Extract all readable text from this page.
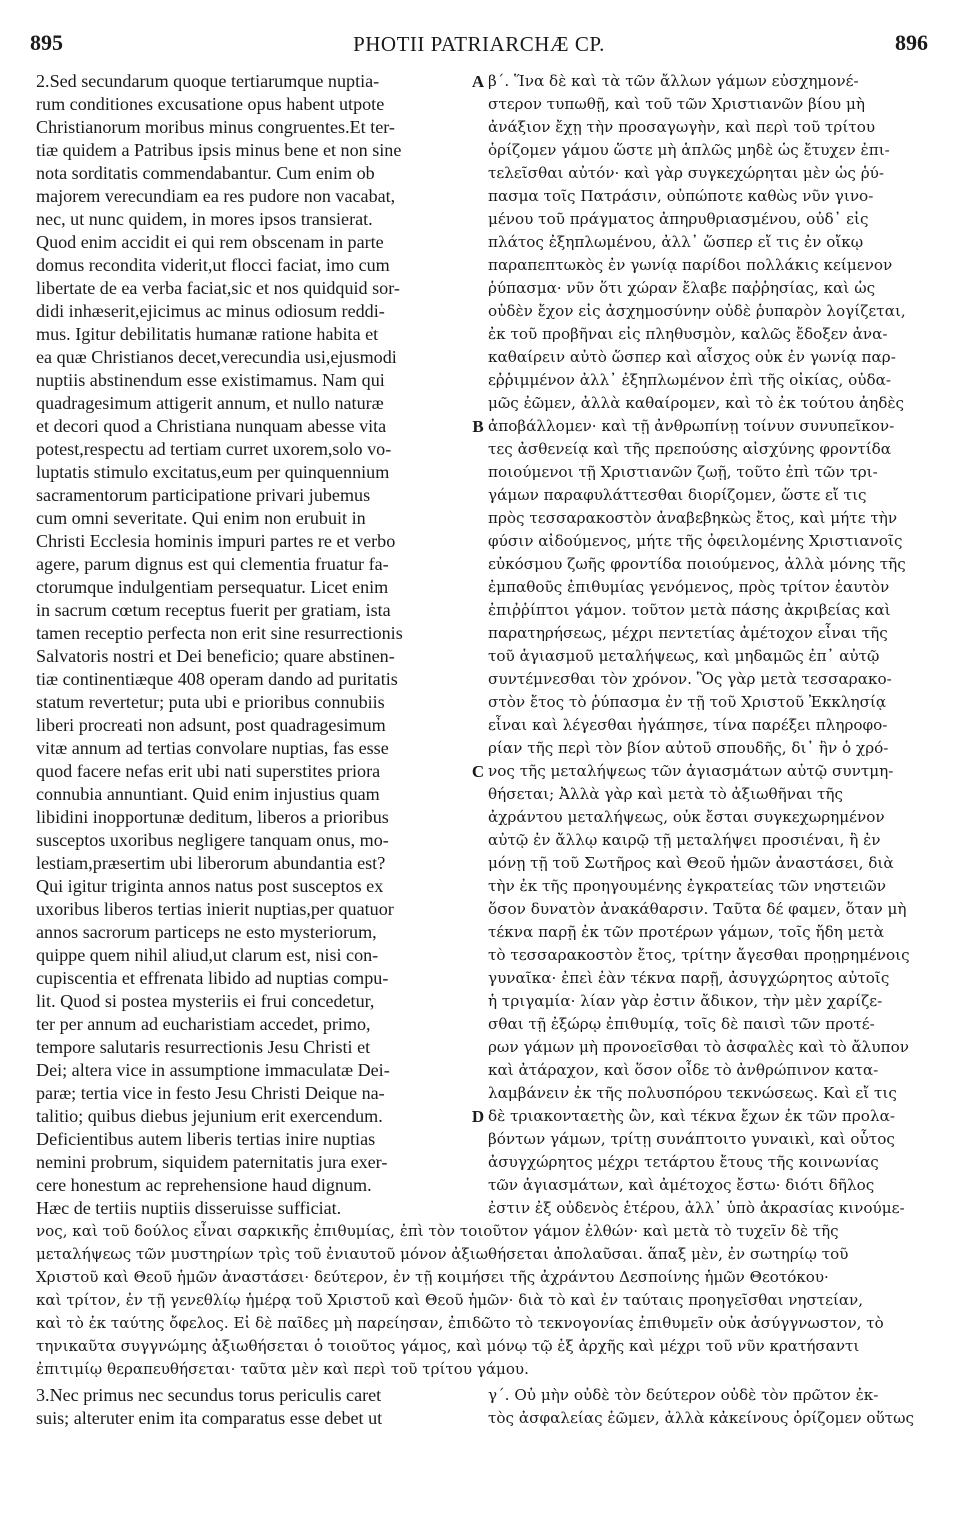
895	PHOTII PATRIARCHÆ CP.	896
2.Sed secundarum quoque tertiarumque nuptia-
rum conditiones excusatione opus habent utpote
Christianorum moribus minus congruentes.Et ter-
tiæ quidem a Patribus ipsis minus bene et non sine
nota sorditatis commendabantur. Cum enim ob
majorem verecundiam ea res pudore non vacabat,
nec, ut nunc quidem, in mores ipsos transierat.
Quod enim accidit ei qui rem obscenam in parte
domus recondita viderit,ut flocci faciat, imo cum
libertate de ea verba faciat,sic et nos quidquid sor-
didi inhæserit,ejicimus ac minus odiosum reddi-
mus. Igitur debilitatis humanæ ratione habita et
ea quæ Christianos decet,verecundia usi,ejusmodi
nuptiis abstinendum esse existimamus. Nam qui
quadragesimum attigerit annum, et nullo naturæ
et decori quod a Christiana nunquam abesse vita
potest,respectu ad tertiam curret uxorem,solo vo-
luptatis stimulo excitatus,eum per quinquennium
sacramentorum participatione privari jubemus
cum omni severitate. Qui enim non erubuit in
Christi Ecclesia hominis impuri partes re et verbo
agere, parum dignus est qui clementia fruatur fa-
ctorumque indulgentiam persequatur. Licet enim
in sacrum cœtum receptus fuerit per gratiam, ista
tamen receptio perfecta non erit sine resurrectionis
Salvatoris nostri et Dei beneficio; quare abstinen-
tiæ continentiæque 408 operam dando ad puritatis
statum revertetur; puta ubi e prioribus connubiis
liberi procreati non adsunt, post quadragesimum
vitæ annum ad tertias convolare nuptias, fas esse
quod facere nefas erit ubi nati superstites priora
connubia annuntiant. Quid enim injustius quam
libidini inopportunæ deditum, liberos a prioribus
susceptos uxoribus negligere tanquam onus, mo-
lestiam,præsertim ubi liberorum abundantia est?
Qui igitur triginta annos natus post susceptos ex
uxoribus liberos tertias inierit nuptias,per quatuor
annos sacrorum particeps ne esto mysteriorum,
quippe quem nihil aliud,ut clarum est, nisi con-
cupiscentia et effrenata libido ad nuptias compu-
lit. Quod si postea mysteriis ei frui concedetur,
ter per annum ad eucharistiam accedet, primo,
tempore salutaris resurrectionis Jesu Christi et
Dei; altera vice in assumptione immaculatæ Dei-
paræ; tertia vice in festo Jesu Christi Deique na-
talitio; quibus diebus jejunium erit exercendum.
Deficientibus autem liberis tertias inire nuptias
nemini probrum, siquidem paternitatis jura exer-
cere honestum ac reprehensione haud dignum.
Hæc de tertiis nuptiis disseruisse sufficiat.
β΄. Ἵνα δὲ καὶ τὰ τῶν ἄλλων γάμων εὐσχημονέ-
στερον τυπωθῇ, καὶ τοῦ τῶν Χριστιανῶν βίου μὴ
ἀνάξιον ἔχῃ τὴν προσαγωγὴν, καὶ περὶ τοῦ τρίτου
ὁρίζομεν γάμου ὥστε μὴ ἁπλῶς μηδὲ ὡς ἔτυχεν ἐπι-
τελεῖσθαι αὐτόν· καὶ γὰρ συγκεχώρηται μὲν ὡς ῥύ-
πασμα τοῖς Πατράσιν, οὐπώποτε καθὼς νῦν γινο-
μένου τοῦ πράγματος ἀπηρυθριασμένου, οὐδ᾽ εἰς
πλάτος ἐξηπλωμένου, ἀλλ᾽ ὥσπερ εἴ τις ἐν οἴκῳ
παραπεπτωκὸς ἐν γωνίᾳ παρίδοι πολλάκις κείμενον
ῥύπασμα· νῦν ὅτι χώραν ἔλαβε παῤῥησίας, καὶ ὡς
οὐδὲν ἔχον εἰς ἀσχημοσύνην οὐδὲ ῥυπαρὸν λογίζεται,
ἐκ τοῦ προβῆναι εἰς πληθυσμὸν, καλῶς ἔδοξεν ἀνα-
καθαίρειν αὐτὸ ὥσπερ καὶ αἶσχος οὐκ ἐν γωνίᾳ παρ-
εῤῥιμμένον ἀλλ᾽ ἐξηπλωμένον ἐπὶ τῆς οἰκίας, οὐδα-
μῶς ἐῶμεν, ἀλλὰ καθαίρομεν, καὶ τὸ ἐκ τούτου ἀηδὲς
ἀποβάλλομεν· καὶ τῇ ἀνθρωπίνῃ τοίνυν συνυπεῖκον-
τες ἀσθενείᾳ καὶ τῆς πρεπούσης αἰσχύνης φροντίδα
ποιούμενοι τῇ Χριστιανῶν ζωῇ, τοῦτο ἐπὶ τῶν τρι-
γάμων παραφυλάττεσθαι διορίζομεν, ὥστε εἴ τις
πρὸς τεσσαρακοστὸν ἀναβεβηκὼς ἔτος, καὶ μήτε τὴν
φύσιν αἰδούμενος, μήτε τῆς ὀφειλομένης Χριστιανοῖς
εὐκόσμου ζωῆς φροντίδα ποιούμενος, ἀλλὰ μόνης τῆς
ἐμπαθοῦς ἐπιθυμίας γενόμενος, πρὸς τρίτον ἑαυτὸν
ἐπιῤῥίπτοι γάμον. τοῦτον μετὰ πάσης ἀκριβείας καὶ
παρατηρήσεως, μέχρι πεντετίας ἀμέτοχον εἶναι τῆς
τοῦ ἁγιασμοῦ μεταλήψεως, καὶ μηδαμῶς ἐπ᾽ αὐτῷ
συντέμνεσθαι τὸν χρόνον. Ὃς γὰρ μετὰ τεσσαρακο-
στὸν ἔτος τὸ ῥύπασμα ἐν τῇ τοῦ Χριστοῦ Ἐκκλησίᾳ
εἶναι καὶ λέγεσθαι ἠγάπησε, τίνα παρέξει πληροφο-
ρίαν τῆς περὶ τὸν βίον αὐτοῦ σπουδῆς, δι᾽ ἣν ὁ χρό-
νος τῆς μεταλήψεως τῶν ἁγιασμάτων αὐτῷ συντμη-
θήσεται; Ἀλλὰ γὰρ καὶ μετὰ τὸ ἀξιωθῆναι τῆς
ἀχράντου μεταλήψεως, οὐκ ἔσται συγκεχωρημένον
αὐτῷ ἐν ἄλλῳ καιρῷ τῇ μεταλήψει προσιέναι, ἢ ἐν
μόνῃ τῇ τοῦ Σωτῆρος καὶ Θεοῦ ἡμῶν ἀναστάσει, διὰ
τὴν ἐκ τῆς προηγουμένης ἐγκρατείας τῶν νηστειῶν
ὅσον δυνατὸν ἀνακάθαρσιν. Ταῦτα δέ φαμεν, ὅταν μὴ
τέκνα παρῇ ἐκ τῶν προτέρων γάμων, τοῖς ἤδη μετὰ
τὸ τεσσαρακοστὸν ἔτος, τρίτην ἄγεσθαι προῃρημένοις
γυναῖκα· ἐπεὶ ἐὰν τέκνα παρῇ, ἀσυγχώρητος αὐτοῖς
ἡ τριγαμία· λίαν γὰρ ἐστιν ἄδικον, τὴν μὲν χαρίζε-
σθαι τῇ ἐξώρῳ ἐπιθυμίᾳ, τοῖς δὲ παισὶ τῶν προτέ-
ρων γάμων μὴ προνοεῖσθαι τὸ ἀσφαλὲς καὶ τὸ ἄλυπον
καὶ ἀτάραχον, καὶ ὅσον οἶδε τὸ ἀνθρώπινον κατα-
λαμβάνειν ἐκ τῆς πολυσπόρου τεκνώσεως. Καὶ εἴ τις
δὲ τριακονταετὴς ὢν, καὶ τέκνα ἔχων ἐκ τῶν προλα-
βόντων γάμων, τρίτῃ συνάπτοιτο γυναικὶ, καὶ οὗτος
ἀσυγχώρητος μέχρι τετάρτου ἔτους τῆς κοινωνίας
τῶν ἁγιασμάτων, καὶ ἀμέτοχος ἔστω· διότι δῆλος
ἐστιν ἐξ οὐδενὸς ἑτέρου, ἀλλ᾽ ὑπὸ ἀκρασίας κινούμε-
A
B
C
D
νος, καὶ τοῦ δούλος εἶναι σαρκικῆς ἐπιθυμίας, ἐπὶ τὸν τοιοῦτον γάμον ἐλθών· καὶ μετὰ τὸ τυχεῖν δὲ τῆς
μεταλήψεως τῶν μυστηρίων τρὶς τοῦ ἐνιαυτοῦ μόνον ἀξιωθήσεται ἀπολαῦσαι. ἅπαξ μὲν, ἐν σωτηρίῳ τοῦ
Χριστοῦ καὶ Θεοῦ ἡμῶν ἀναστάσει· δεύτερον, ἐν τῇ κοιμήσει τῆς ἀχράντου Δεσποίνης ἡμῶν Θεοτόκου·
καὶ τρίτον, ἐν τῇ γενεθλίῳ ἡμέρᾳ τοῦ Χριστοῦ καὶ Θεοῦ ἡμῶν· διὰ τὸ καὶ ἐν ταύταις προηγεῖσθαι νηστείαν,
καὶ τὸ ἐκ ταύτης ὄφελος. Εἰ δὲ παῖδες μὴ παρείησαν, ἐπιδῶτο τὸ τεκνογονίας ἐπιθυμεῖν οὐκ ἀσύγγνωστον, τὸ
τηνικαῦτα συγγνώμης ἀξιωθήσεται ὁ τοιοῦτος γάμος, καὶ μόνῳ τῷ ἐξ ἀρχῆς καὶ μέχρι τοῦ νῦν κρατήσαντι
ἐπιτιμίῳ θεραπευθήσεται· ταῦτα μὲν καὶ περὶ τοῦ τρίτου γάμου.
3.Nec primus nec secundus torus periculis caret
suis; alteruter enim ita comparatus esse debet ut
γ΄. Οὐ μὴν οὐδὲ τὸν δεύτερον οὐδὲ τὸν πρῶτον ἐκ-
τὸς ἀσφαλείας ἐῶμεν, ἀλλὰ κἀκείνους ὁρίζομεν οὕτως
